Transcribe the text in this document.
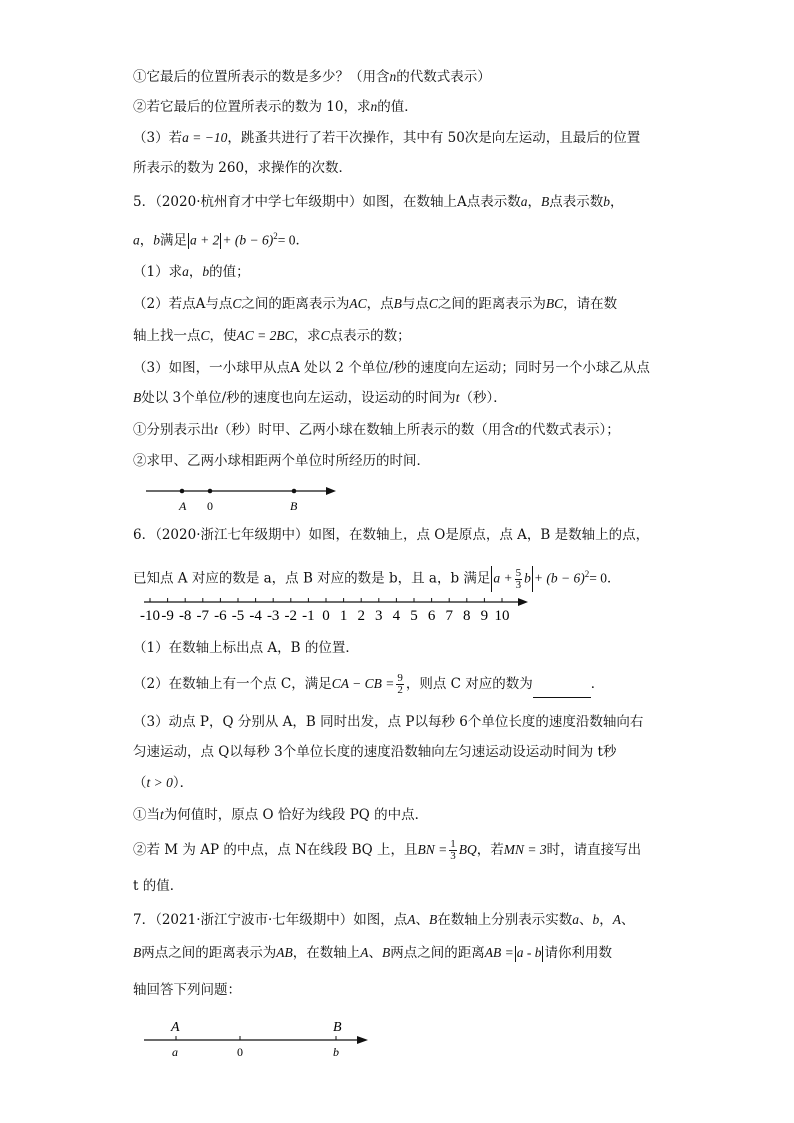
①它最后的位置所表示的数是多少？（用含n的代数式表示）
②若它最后的位置所表示的数为 10，求n的值．
（3）若a = −10，跳蚤共进行了若干次操作，其中有 50次是向左运动，且最后的位置
所表示的数为 260，求操作的次数．
5．（2020·杭州育才中学七年级期中）如图，在数轴上A点表示数a，B点表示数b，
a，b满足 $a + 2 + (b - 6)^2= 0$．
（1）求a，b的值；
（2）若点A与点C之间的距离表示为AC，点B与点C之间的距离表示为BC，请在数
轴上找一点C，使AC = 2BC，求C点表示的数；
（3）如图，一小球甲从点A 处以 2 个单位/秒的速度向左运动；同时另一个小球乙从点
B处以 3个单位/秒的速度也向左运动，设运动的时间为t（秒）．
①分别表示出t（秒）时甲、乙两小球在数轴上所表示的数（用含t的代数式表示）；
②求甲、乙两小球相距两个单位时所经历的时间．
A 0	B
6．（2020·浙江七年级期中）如图，在数轴上，点 O是原点，点 A，B 是数轴上的点，
已知点 A 对应的数是 a，点 B 对应的数是 b，且 a，b 满足 $a + \frac{5}{3}$ $b + (b - 6)^2= 0$．
-10 -9 -8 -7 -6 -5 -4 -3 -2 -1 0 1 2 3 4 5 6 7 8 9 10
（1）在数轴上标出点 A，B 的位置．
（2）在数轴上有一个点 C，满足CA − CB = $\frac{9}{2}$ ，则点 C 对应的数为	．
（3）动点 P，Q 分别从 A，B 同时出发，点 P以每秒 6个单位长度的速度沿数轴向右
匀速运动，点 Q以每秒 3个单位长度的速度沿数轴向左匀速运动设运动时间为 t秒
（t > 0）．
①当t为何值时，原点 O 恰好为线段 PQ 的中点．
②若 M 为 AP 的中点，点 N在线段 BQ 上，且BN = $\frac{1}{3}$ BQ，若MN = 3时，请直接写出
t 的值．
7．（2021·浙江宁波市·七年级期中）如图，点A、B在数轴上分别表示实数a、b，A、
B两点之间的距离表示为AB，在数轴上A、B两点之间的距离AB = a - b 请你利用数
轴回答下列问题：
A	B
a	0	b
